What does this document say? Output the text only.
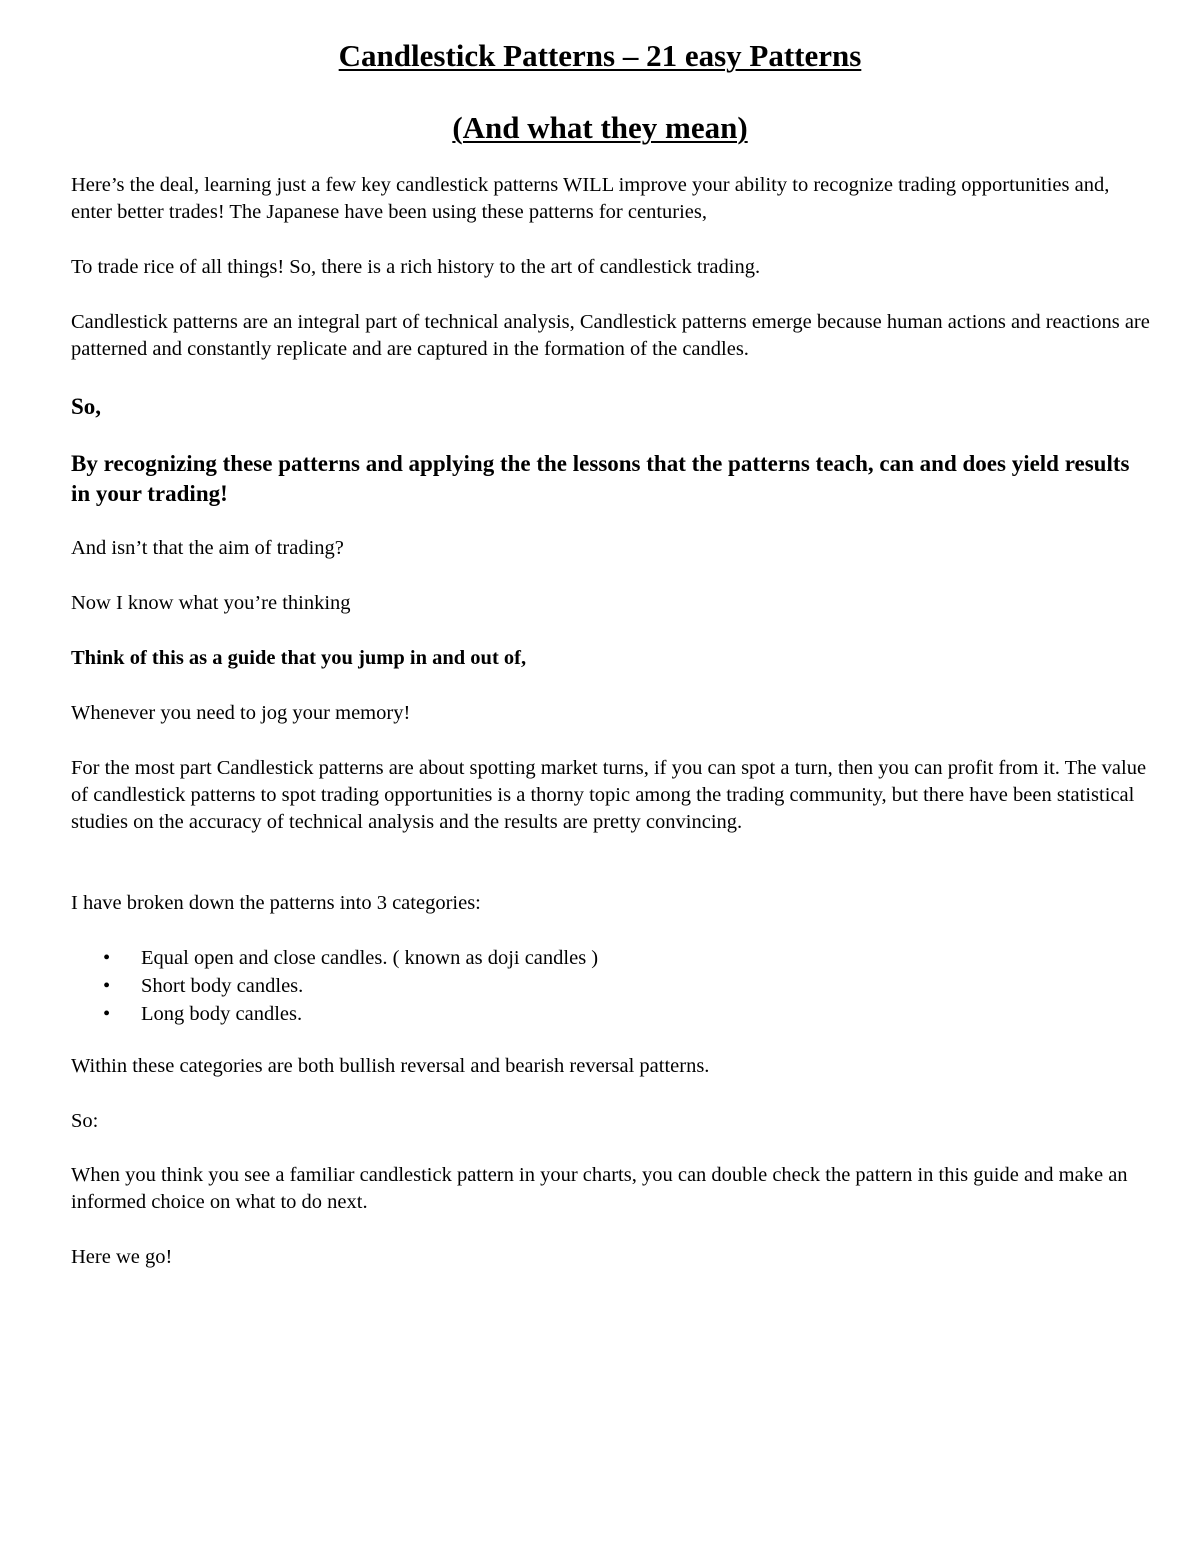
Candlestick Patterns – 21 easy Patterns
(And what they mean)

Here’s the deal, learning just a few key candlestick patterns WILL improve your ability to recognize trading opportunities and, enter better trades! The Japanese have been using these patterns for centuries,

To trade rice of all things! So, there is a rich history to the art of candlestick trading.

Candlestick patterns are an integral part of technical analysis, Candlestick patterns emerge because human actions and reactions are patterned and constantly replicate and are captured in the formation of the candles.

So,

By recognizing these patterns and applying the the lessons that the patterns teach, can and does yield results in your trading!

And isn’t that the aim of trading?

Now I know what you’re thinking

Think of this as a guide that you jump in and out of,

Whenever you need to jog your memory!

For the most part Candlestick patterns are about spotting market turns, if you can spot a turn, then you can profit from it. The value of candlestick patterns to spot trading opportunities is a thorny topic among the trading community, but there have been statistical studies on the accuracy of technical analysis and the results are pretty convincing.

I have broken down the patterns into 3 categories:

• Equal open and close candles. ( known as doji candles )
• Short body candles.
• Long body candles.

Within these categories are both bullish reversal and bearish reversal patterns.

So:

When you think you see a familiar candlestick pattern in your charts, you can double check the pattern in this guide and make an informed choice on what to do next.

Here we go!
